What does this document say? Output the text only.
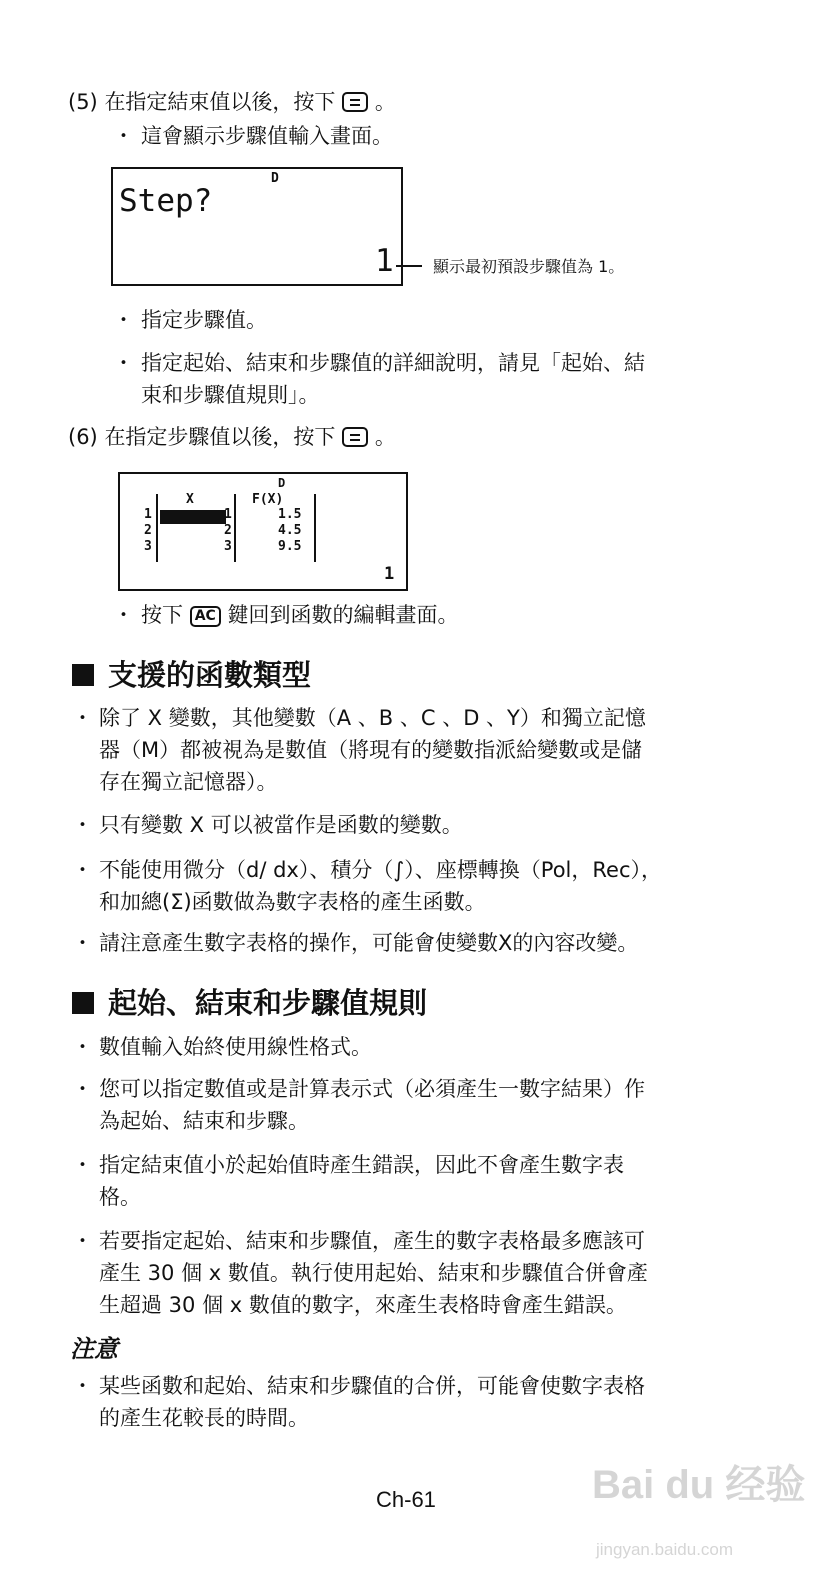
(5) 在指定結束值以後，按下 。
・ 這會顯示步驟值輸入畫面。
D
Step?
1 顯示最初預設步驟值為 1。
・ 指定步驟值。
・ 指定起始、結束和步驟值的詳細說明，請見「起始、結
束和步驟值規則」。
(6) 在指定步驟值以後，按下 。
D
X	F(X)
1	1	1.5
2	2	4.5
3	3	9.5
1
・ 按下 AC 鍵回到函數的編輯畫面。
支援的函數類型
・ 除了 X 變數，其他變數（A 、B 、C 、D 、Y）和獨立記憶
器（M）都被視為是數值（將現有的變數指派給變數或是儲
存在獨立記憶器）。
・ 只有變數 X 可以被當作是函數的變數。
・ 不能使用微分（d/ dx）、積分（∫）、座標轉換（Pol，Rec），
和加總(Σ)函數做為數字表格的產生函數。
・ 請注意產生數字表格的操作，可能會使變數X的內容改變。
起始、結束和步驟值規則
・ 數值輸入始終使用線性格式。
・ 您可以指定數值或是計算表示式（必須產生一數字結果）作
為起始、結束和步驟。
・ 指定結束值小於起始值時產生錯誤，因此不會產生數字表
格。
・ 若要指定起始、結束和步驟值，產生的數字表格最多應該可
產生 30 個 x 數值。執行使用起始、結束和步驟值合併會產
生超過 30 個 x 數值的數字，來產生表格時會產生錯誤。
注意
・ 某些函數和起始、結束和步驟值的合併，可能會使數字表格
的產生花較長的時間。
Ch-61	Bai du 经验
jingyan.baidu.com
